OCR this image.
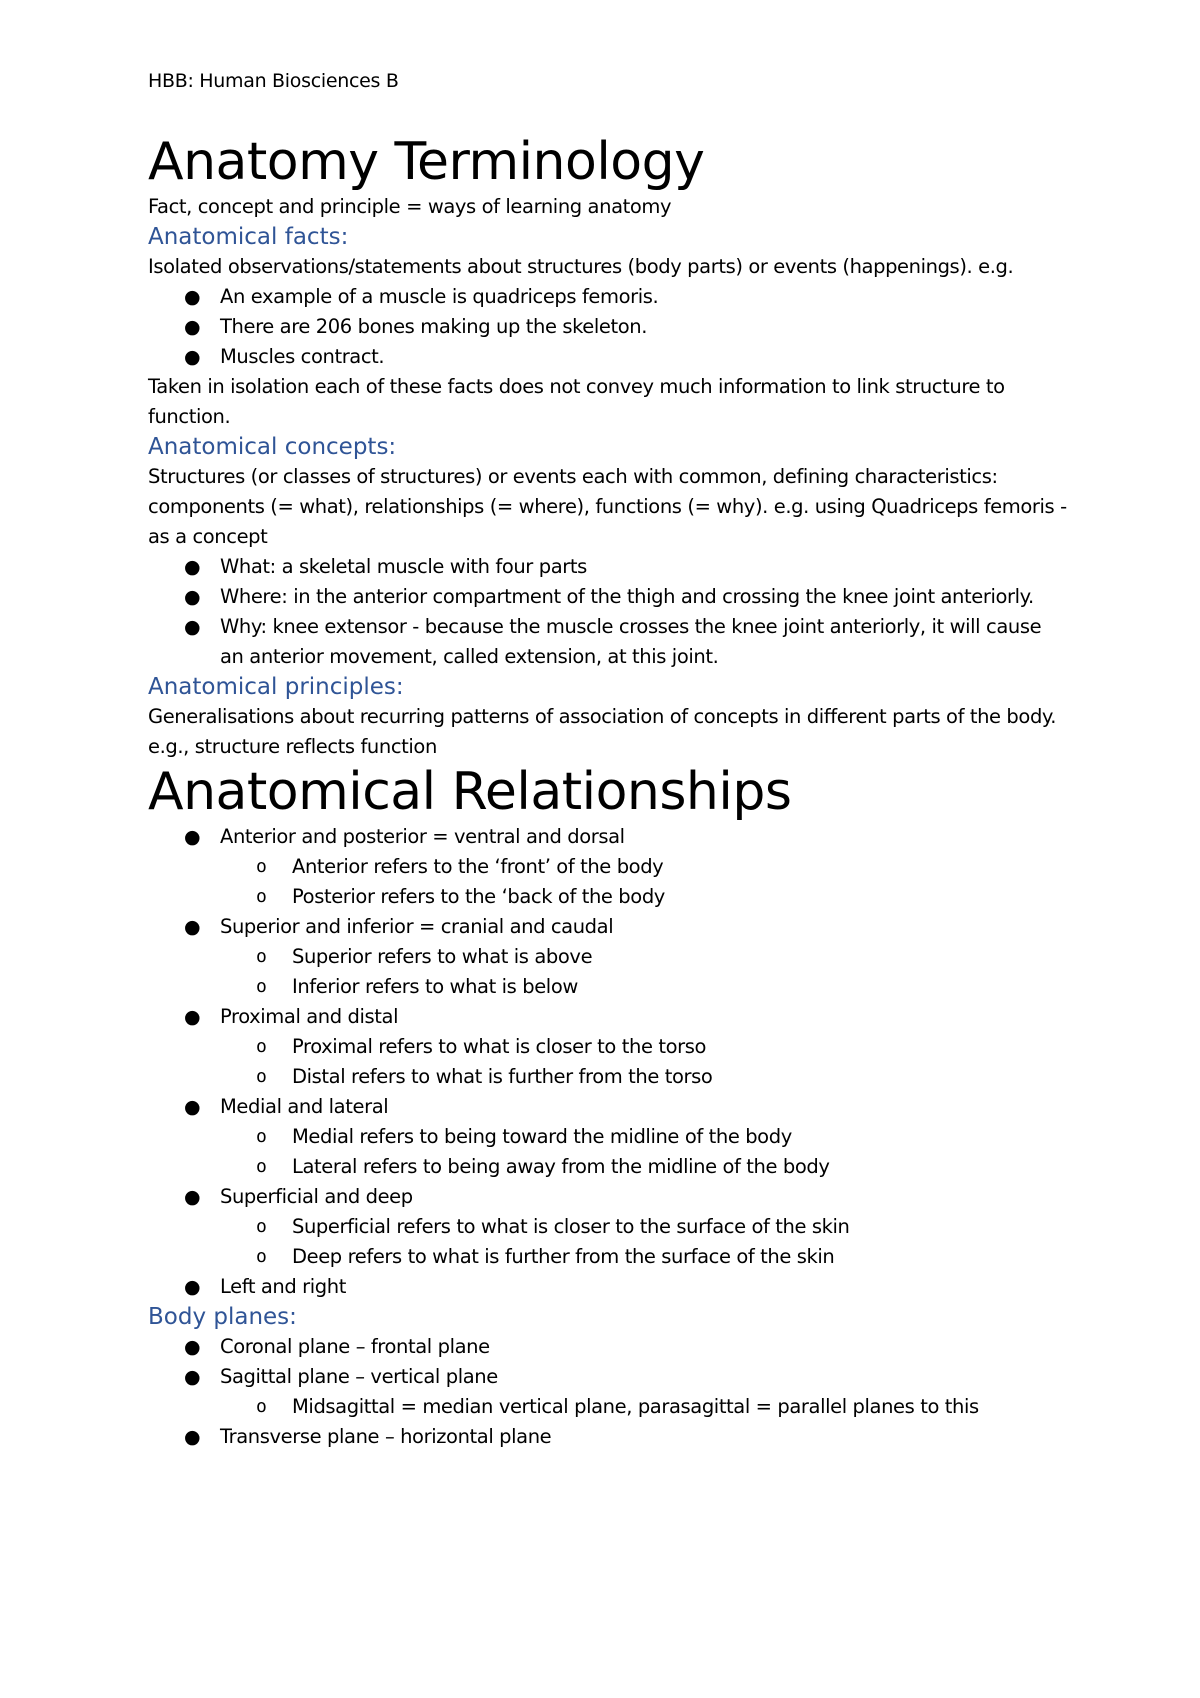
HBB: Human Biosciences B
Anatomy Terminology

Fact, concept and principle = ways of learning anatomy

Anatomical facts:

Isolated observations/statements about structures (body parts) or events (happenings). e.g.

● An example of a muscle is quadriceps femoris.
● There are 206 bones making up the skeleton.
● Muscles contract.

Taken in isolation each of these facts does not convey much information to link structure to function.

Anatomical concepts:

Structures (or classes of structures) or events each with common, defining characteristics: components (= what), relationships (= where), functions (= why). e.g. using Quadriceps femoris - as a concept

● What: a skeletal muscle with four parts
● Where: in the anterior compartment of the thigh and crossing the knee joint anteriorly.
● Why: knee extensor - because the muscle crosses the knee joint anteriorly, it will cause an anterior movement, called extension, at this joint.
Anatomical principles:

Generalisations about recurring patterns of association of concepts in different parts of the body. e.g., structure reflects function

Anatomical Relationships
● Anterior and posterior = ventral and dorsal
o Anterior refers to the ‘front’ of the body
o Posterior refers to the ‘back of the body
● Superior and inferior = cranial and caudal
o Superior refers to what is above
o Inferior refers to what is below
● Proximal and distal
o Proximal refers to what is closer to the torso
o Distal refers to what is further from the torso
● Medial and lateral
o Medial refers to being toward the midline of the body
o Lateral refers to being away from the midline of the body
● Superficial and deep
o Superficial refers to what is closer to the surface of the skin
o Deep refers to what is further from the surface of the skin
● Left and right
Body planes:
● Coronal plane – frontal plane
● Sagittal plane – vertical plane
o Midsagittal = median vertical plane, parasagittal = parallel planes to this
● Transverse plane – horizontal plane
